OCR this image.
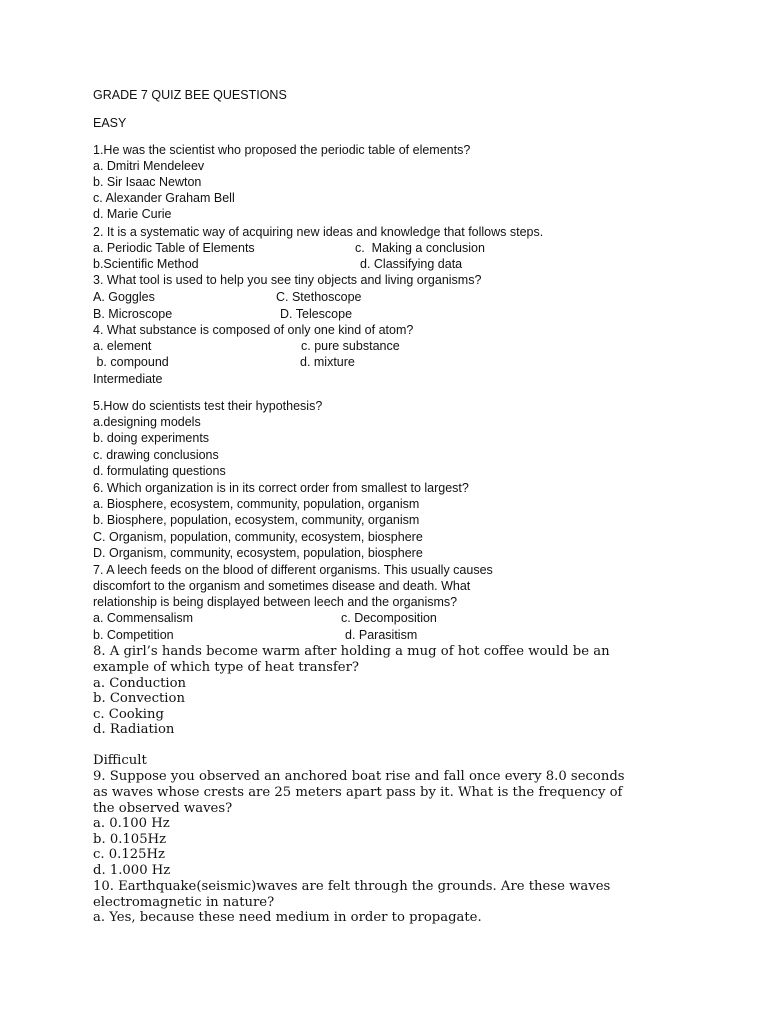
GRADE 7 QUIZ BEE QUESTIONS

EASY

1.He was the scientist who proposed the periodic table of elements?

a. Dmitri Mendeleev

b. Sir Isaac Newton

c. Alexander Graham Bell

d. Marie Curie

2. It is a systematic way of acquiring new ideas and knowledge that follows steps.

a. Periodic Table of Elements	c.  Making a conclusion

b.Scientific Method	d. Classifying data

3. What tool is used to help you see tiny objects and living organisms?

A. Goggles	C. Stethoscope

B. Microscope	D. Telescope

4. What substance is composed of only one kind of atom?

a. element	c. pure substance

b. compound	d. mixture

Intermediate

5.How do scientists test their hypothesis?

a.designing models

b. doing experiments

c. drawing conclusions

d. formulating questions

6. Which organization is in its correct order from smallest to largest?

a. Biosphere, ecosystem, community, population, organism

b. Biosphere, population, ecosystem, community, organism

C. Organism, population, community, ecosystem, biosphere

D. Organism, community, ecosystem, population, biosphere

7. A leech feeds on the blood of different organisms. This usually causes

discomfort to the organism and sometimes disease and death. What

relationship is being displayed between leech and the organisms?

a. Commensalism	c. Decomposition

b. Competition	d. Parasitism

8. A girl’s hands become warm after holding a mug of hot coffee would be an

example of which type of heat transfer?

a. Conduction

b. Convection

c. Cooking

d. Radiation

Difficult

9. Suppose you observed an anchored boat rise and fall once every 8.0 seconds

as waves whose crests are 25 meters apart pass by it. What is the frequency of

the observed waves?

a. 0.100 Hz

b. 0.105Hz

c. 0.125Hz

d. 1.000 Hz

10. Earthquake(seismic)waves are felt through the grounds. Are these waves

electromagnetic in nature?

a. Yes, because these need medium in order to propagate.
